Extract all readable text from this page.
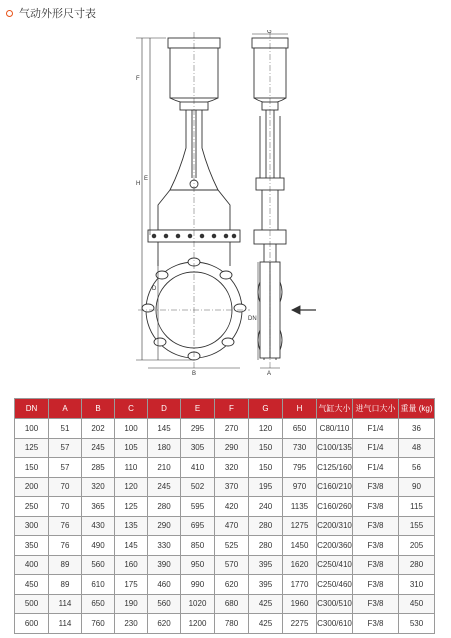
气动外形尺寸表
F
E
H
D
B
G
DN
A
DN	A	B	C	D	E	F	G	H	气缸大小	进气口大小	重量 (kg)
100	51	202	100	145	295	270	120	650	C80/110	F1/4	36
125	57	245	105	180	305	290	150	730	C100/135	F1/4	48
150	57	285	110	210	410	320	150	795	C125/160	F1/4	56
200	70	320	120	245	502	370	195	970	C160/210	F3/8	90
250	70	365	125	280	595	420	240	1135	C160/260	F3/8	115
300	76	430	135	290	695	470	280	1275	C200/310	F3/8	155
350	76	490	145	330	850	525	280	1450	C200/360	F3/8	205
400	89	560	160	390	950	570	395	1620	C250/410	F3/8	280
450	89	610	175	460	990	620	395	1770	C250/460	F3/8	310
500	114	650	190	560	1020	680	425	1960	C300/510	F3/8	450
600	114	760	230	620	1200	780	425	2275	C300/610	F3/8	530
